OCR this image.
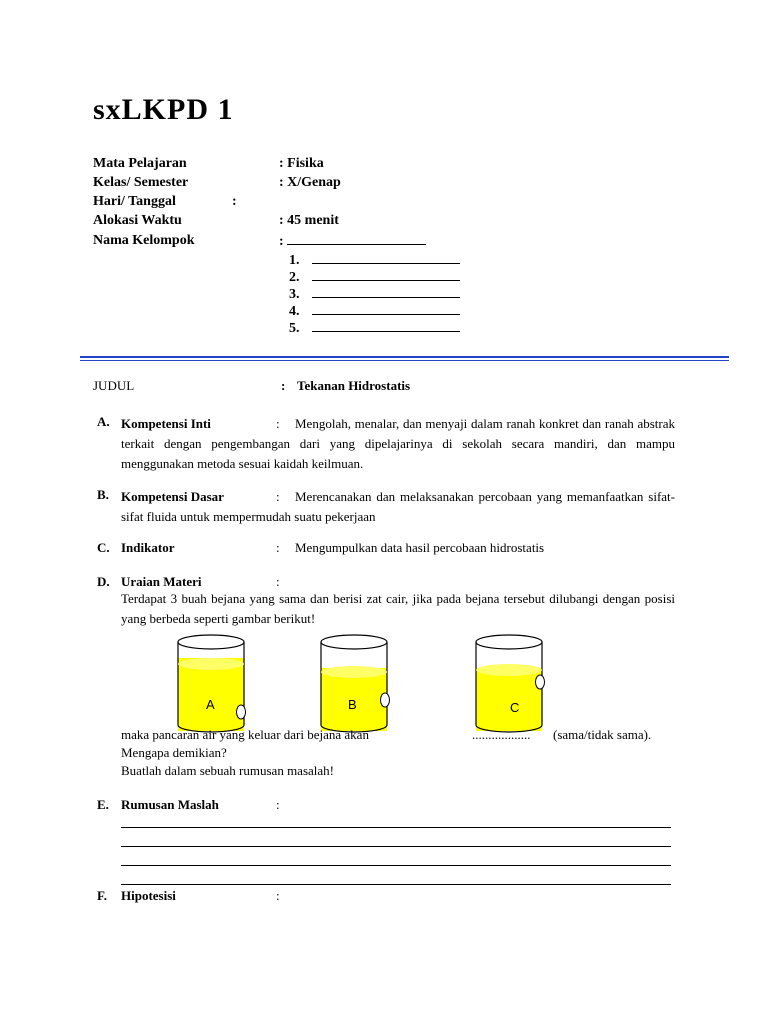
sxLKPD 1
Mata Pelajaran	: Fisika
Kelas/ Semester	: X/Genap
Hari/ Tanggal	:
Alokasi Waktu	: 45 menit
Nama Kelompok	:
1.
2.
3.
4.
5.
JUDUL	: Tekanan Hidrostatis
A. Kompetensi Inti	: Mengolah, menalar, dan menyaji dalam ranah konkret dan ranah abstrak terkait dengan pengembangan dari yang dipelajarinya di sekolah secara mandiri, dan mampu menggunakan metoda sesuai kaidah keilmuan.
B. Kompetensi Dasar	: Merencanakan dan melaksanakan percobaan yang memanfaatkan sifat-sifat fluida untuk mempermudah suatu pekerjaan
C. Indikator	: Mengumpulkan data hasil percobaan hidrostatis
D. Uraian Materi	:
Terdapat 3 buah bejana yang sama dan berisi zat cair, jika pada bejana tersebut dilubangi dengan posisi yang berbeda seperti gambar berikut!
A	B	C
maka pancaran air yang keluar dari bejana akan	.................. (sama/tidak sama).
Mengapa demikian?
Buatlah dalam sebuah rumusan masalah!
E. Rumusan Maslah	:
F. Hipotesisi	:
